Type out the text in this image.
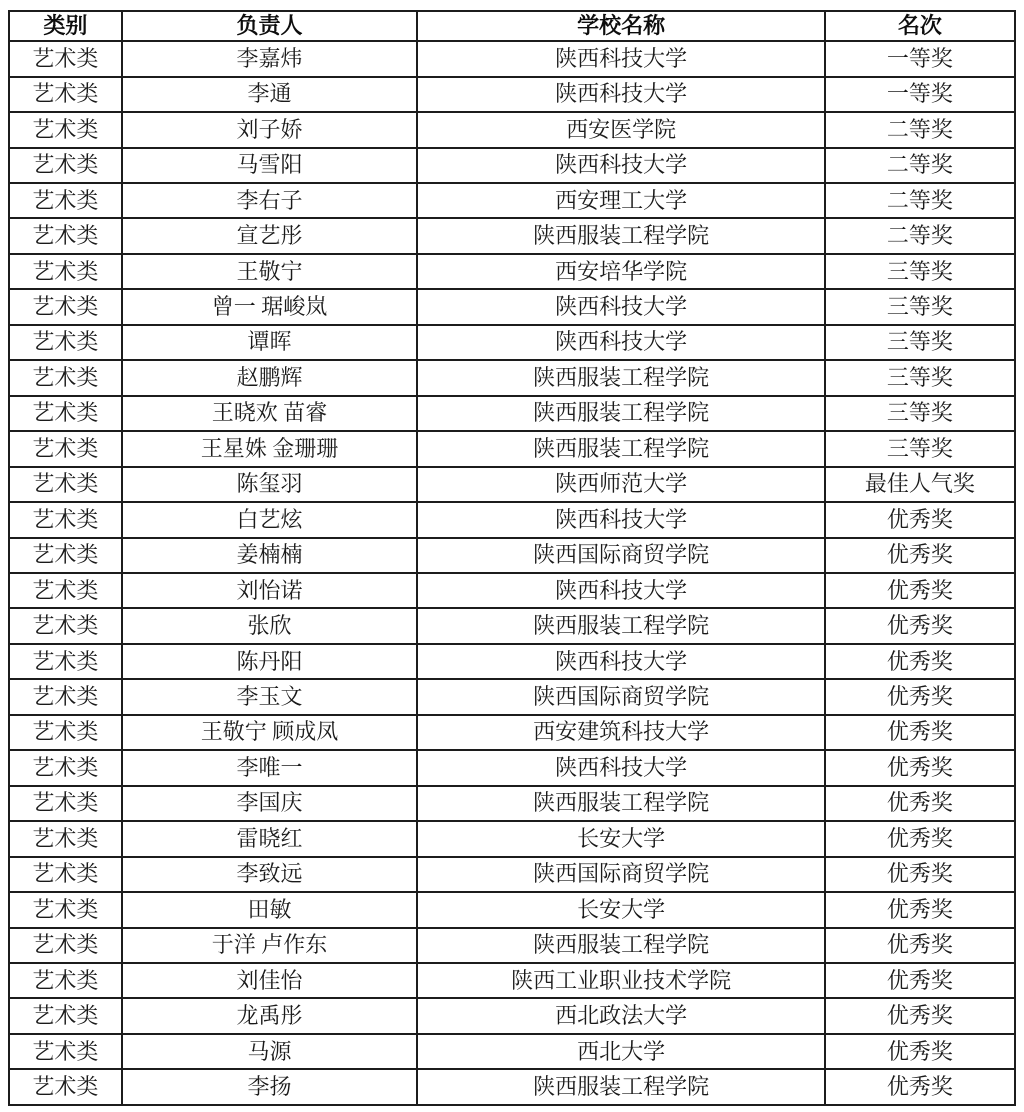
类别	负责人	学校名称	名次
艺术类	李嘉炜	陕西科技大学	一等奖
艺术类	李通	陕西科技大学	一等奖
艺术类	刘子娇	西安医学院	二等奖
艺术类	马雪阳	陕西科技大学	二等奖
艺术类	李右子	西安理工大学	二等奖
艺术类	宣艺彤	陕西服装工程学院	二等奖
艺术类	王敬宁	西安培华学院	三等奖
艺术类	曾一 琚峻岚	陕西科技大学	三等奖
艺术类	谭晖	陕西科技大学	三等奖
艺术类	赵鹏辉	陕西服装工程学院	三等奖
艺术类	王晓欢 苗睿	陕西服装工程学院	三等奖
艺术类	王星姝 金珊珊	陕西服装工程学院	三等奖
艺术类	陈玺羽	陕西师范大学	最佳人气奖
艺术类	白艺炫	陕西科技大学	优秀奖
艺术类	姜楠楠	陕西国际商贸学院	优秀奖
艺术类	刘怡诺	陕西科技大学	优秀奖
艺术类	张欣	陕西服装工程学院	优秀奖
艺术类	陈丹阳	陕西科技大学	优秀奖
艺术类	李玉文	陕西国际商贸学院	优秀奖
艺术类	王敬宁 顾成凤	西安建筑科技大学	优秀奖
艺术类	李唯一	陕西科技大学	优秀奖
艺术类	李国庆	陕西服装工程学院	优秀奖
艺术类	雷晓红	长安大学	优秀奖
艺术类	李致远	陕西国际商贸学院	优秀奖
艺术类	田敏	长安大学	优秀奖
艺术类	于洋 卢作东	陕西服装工程学院	优秀奖
艺术类	刘佳怡	陕西工业职业技术学院	优秀奖
艺术类	龙禹彤	西北政法大学	优秀奖
艺术类	马源	西北大学	优秀奖
艺术类	李扬	陕西服装工程学院	优秀奖
